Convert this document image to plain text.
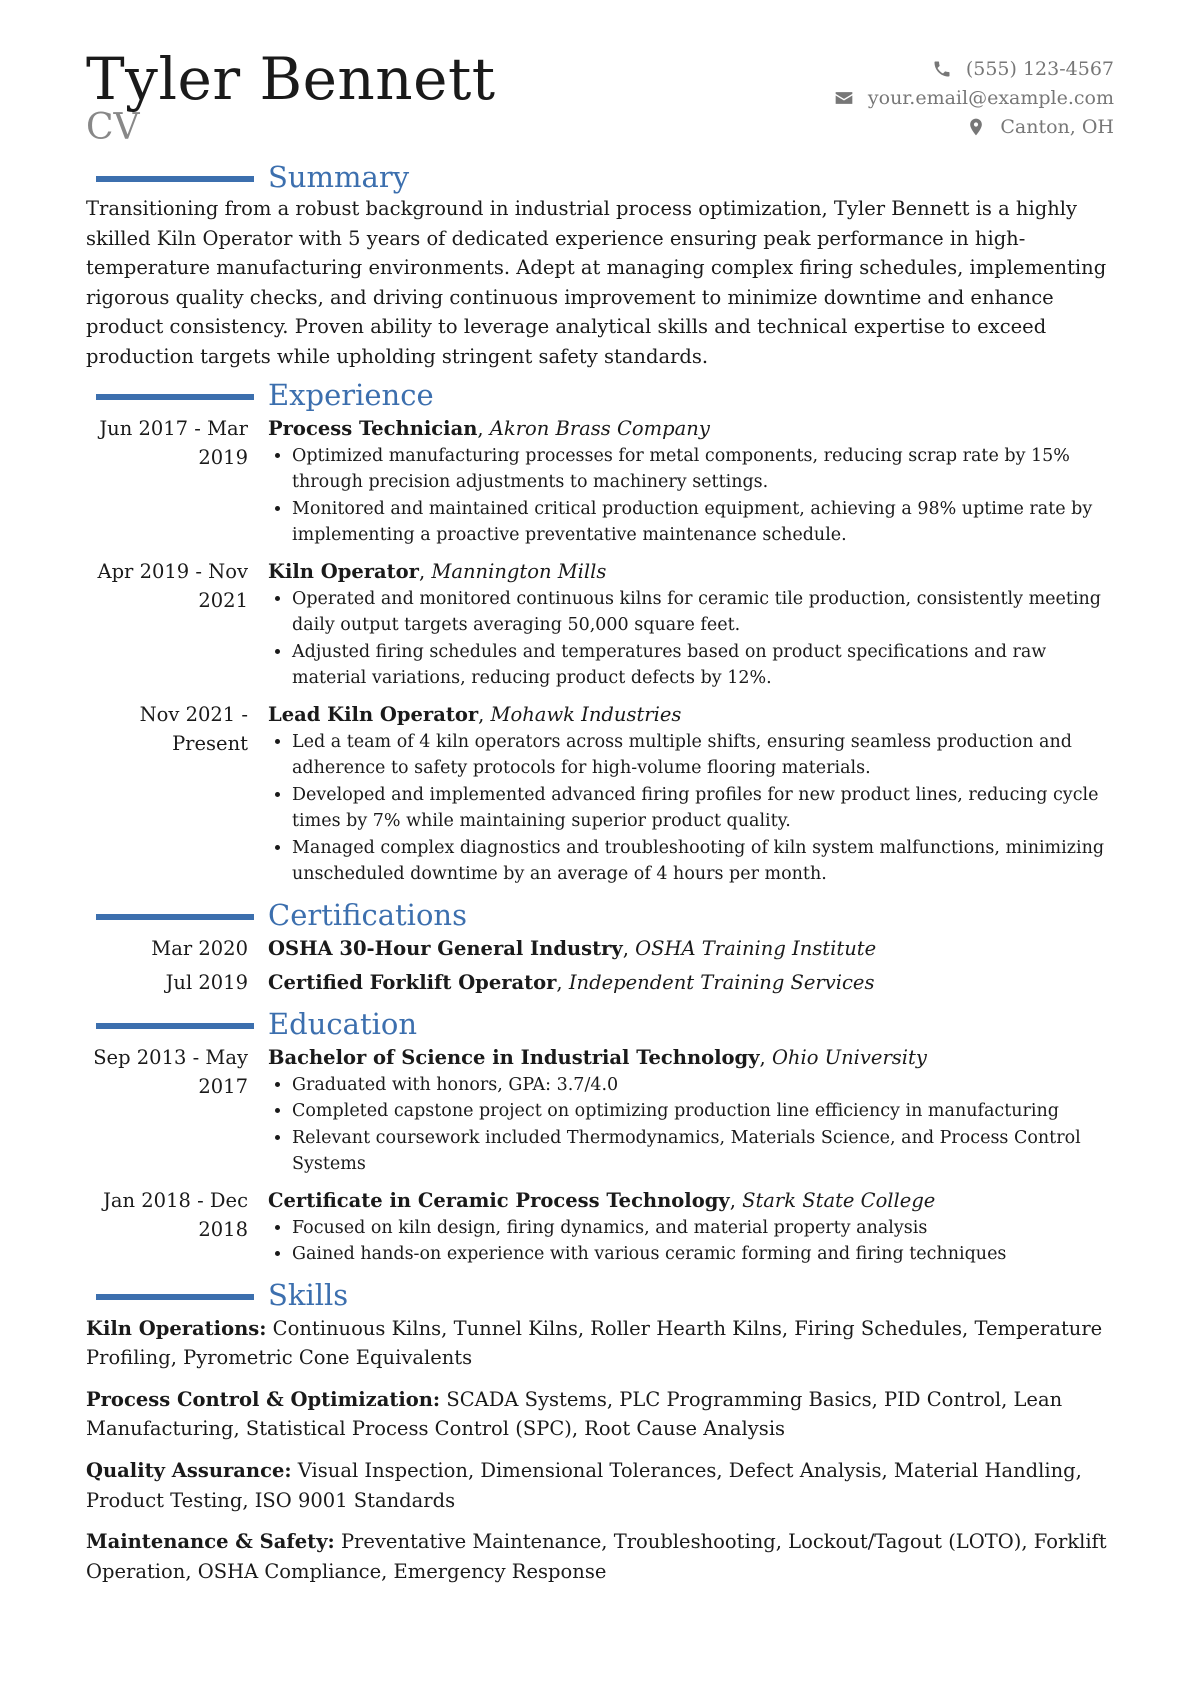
Tyler Bennett
CV
(555) 123-4567
your.email@example.com
Canton, OH
Summary
Transitioning from a robust background in industrial process optimization, Tyler Bennett is a highly skilled Kiln Operator with 5 years of dedicated experience ensuring peak performance in high-temperature manufacturing environments. Adept at managing complex firing schedules, implementing rigorous quality checks, and driving continuous improvement to minimize downtime and enhance product consistency. Proven ability to leverage analytical skills and technical expertise to exceed production targets while upholding stringent safety standards.
Experience
Jun 2017 - Mar 2019
Process Technician, Akron Brass Company
• Optimized manufacturing processes for metal components, reducing scrap rate by 15% through precision adjustments to machinery settings.
• Monitored and maintained critical production equipment, achieving a 98% uptime rate by implementing a proactive preventative maintenance schedule.
Apr 2019 - Nov 2021
Kiln Operator, Mannington Mills
• Operated and monitored continuous kilns for ceramic tile production, consistently meeting daily output targets averaging 50,000 square feet.
• Adjusted firing schedules and temperatures based on product specifications and raw material variations, reducing product defects by 12%.
Nov 2021 - Present
Lead Kiln Operator, Mohawk Industries
• Led a team of 4 kiln operators across multiple shifts, ensuring seamless production and adherence to safety protocols for high-volume flooring materials.
• Developed and implemented advanced firing profiles for new product lines, reducing cycle times by 7% while maintaining superior product quality.
• Managed complex diagnostics and troubleshooting of kiln system malfunctions, minimizing unscheduled downtime by an average of 4 hours per month.
Certifications
Mar 2020 OSHA 30-Hour General Industry, OSHA Training Institute
Jul 2019 Certified Forklift Operator, Independent Training Services
Education
Sep 2013 - May 2017
Bachelor of Science in Industrial Technology, Ohio University
• Graduated with honors, GPA: 3.7/4.0
• Completed capstone project on optimizing production line efficiency in manufacturing
• Relevant coursework included Thermodynamics, Materials Science, and Process Control Systems
Jan 2018 - Dec 2018
Certificate in Ceramic Process Technology, Stark State College
• Focused on kiln design, firing dynamics, and material property analysis
• Gained hands-on experience with various ceramic forming and firing techniques
Skills
Kiln Operations: Continuous Kilns, Tunnel Kilns, Roller Hearth Kilns, Firing Schedules, Temperature Profiling, Pyrometric Cone Equivalents
Process Control & Optimization: SCADA Systems, PLC Programming Basics, PID Control, Lean Manufacturing, Statistical Process Control (SPC), Root Cause Analysis
Quality Assurance: Visual Inspection, Dimensional Tolerances, Defect Analysis, Material Handling, Product Testing, ISO 9001 Standards
Maintenance & Safety: Preventative Maintenance, Troubleshooting, Lockout/Tagout (LOTO), Forklift Operation, OSHA Compliance, Emergency Response
